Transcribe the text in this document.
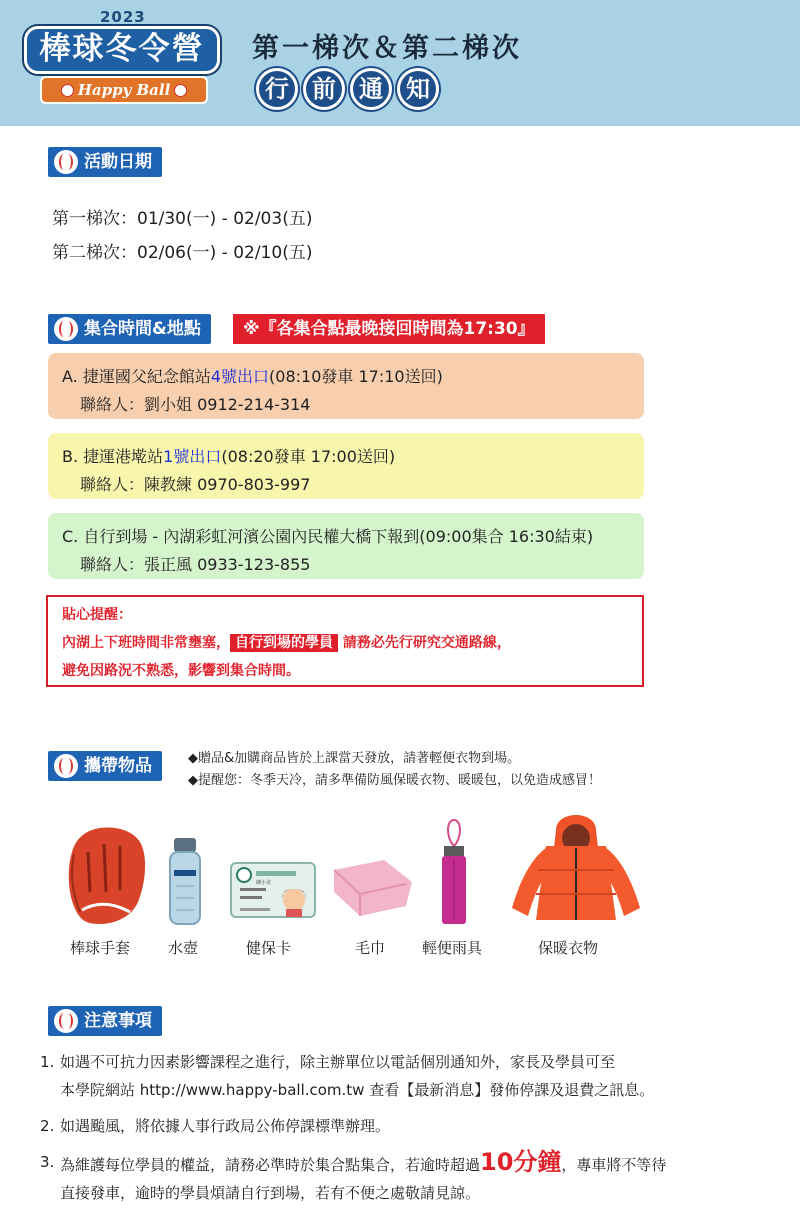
2023
棒球冬令營
Happy Ball
第一梯次＆第二梯次
行 前 通 知
活動日期
第一梯次：01/30(一) - 02/03(五)
第二梯次：02/06(一) - 02/10(五)
集合時間&地點	※『各集合點最晚接回時間為17:30』
A. 捷運國父紀念館站4號出口(08:10發車 17:10送回)
聯絡人：劉小姐 0912-214-314
B. 捷運港墘站1號出口(08:20發車 17:00送回)
聯絡人：陳教練 0970-803-997
C. 自行到場 - 內湖彩虹河濱公園內民權大橋下報到(09:00集合 16:30結束)
聯絡人：張正風 0933-123-855
貼心提醒：
內湖上下班時間非常壅塞， 自行到場的學員 請務必先行研究交通路線，
避免因路況不熟悉，影響到集合時間。
攜帶物品	◆贈品&加購商品皆於上課當天發放，請著輕便衣物到場。
◆提醒您：冬季天冷，請多準備防風保暖衣物、暖暖包，以免造成感冒！
棒球手套	水壺	健保卡	毛巾 輕便雨具	保暖衣物
陳小美
注意事項
1. 如遇不可抗力因素影響課程之進行，除主辦單位以電話個別通知外，家長及學員可至
本學院網站 http://www.happy-ball.com.tw 查看【最新消息】發佈停課及退費之訊息。
2. 如遇颱風，將依據人事行政局公佈停課標準辦理。
3. 為維護每位學員的權益，請務必準時於集合點集合，若逾時超過10分鐘，專車將不等待
直接發車，逾時的學員煩請自行到場，若有不便之處敬請見諒。
